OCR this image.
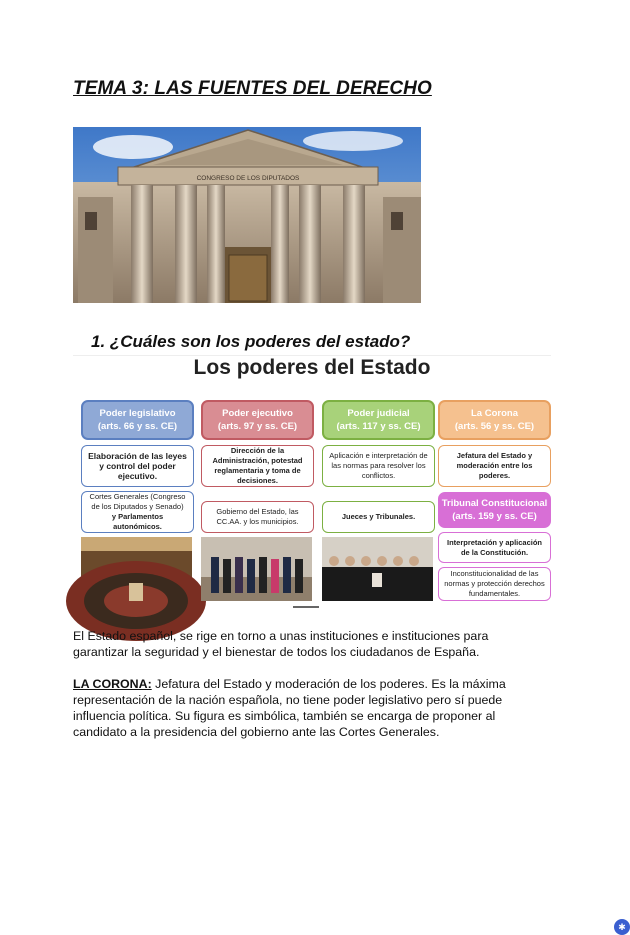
TEMA 3: LAS FUENTES DEL DERECHO
CONGRESO DE LOS DIPUTADOS
1. ¿Cuáles son los poderes del estado?
Los poderes del Estado
Poder legislativo
(arts. 66 y ss. CE)
Poder ejecutivo
(arts. 97 y ss. CE)
Poder judicial
(arts. 117 y ss. CE)
La Corona
(arts. 56 y ss. CE)
Elaboración de las leyes y control del poder ejecutivo.
Dirección de la Administración, potestad reglamentaria y toma de decisiones.
Aplicación e interpretación de las normas para resolver los conflictos.
Jefatura del Estado y moderación entre los poderes.
Cortes Generales (Congreso de los Diputados y Senado)
y Parlamentos autonómicos.
Gobierno del Estado, las CC.AA. y los municipios.
Jueces y Tribunales.
Tribunal Constitucional
(arts. 159 y ss. CE)
Interpretación y aplicación de la Constitución.
Inconstitucionalidad de las normas y protección derechos fundamentales.
✱

El Estado español, se rige en torno a unas instituciones e instituciones para garantizar la seguridad y el bienestar de todos los ciudadanos de España.

LA CORONA: Jefatura del Estado y moderación de los poderes. Es la máxima representación de la nación española, no tiene poder legislativo pero sí puede influencia política. Su figura es simbólica, también se encarga de proponer al candidato a la presidencia del gobierno ante las Cortes Generales.
